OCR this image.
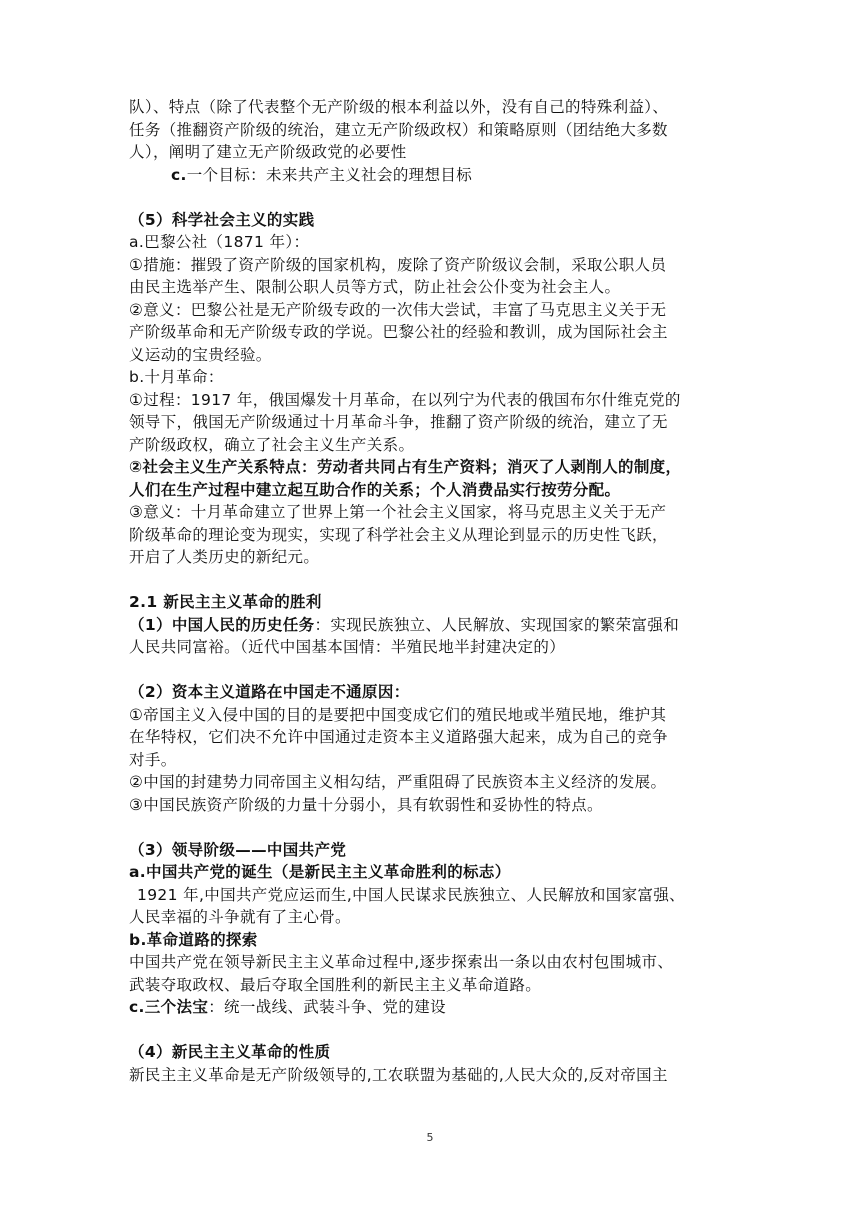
队）、特点（除了代表整个无产阶级的根本利益以外，没有自己的特殊利益）、
任务（推翻资产阶级的统治，建立无产阶级政权）和策略原则（团结绝大多数
人），阐明了建立无产阶级政党的必要性
c.一个目标：未来共产主义社会的理想目标
（5）科学社会主义的实践
a.巴黎公社（1871 年）：
①措施：摧毁了资产阶级的国家机构，废除了资产阶级议会制，采取公职人员
由民主选举产生、限制公职人员等方式，防止社会公仆变为社会主人。
②意义：巴黎公社是无产阶级专政的一次伟大尝试，丰富了马克思主义关于无
产阶级革命和无产阶级专政的学说。巴黎公社的经验和教训，成为国际社会主
义运动的宝贵经验。
b.十月革命：
①过程：1917 年，俄国爆发十月革命，在以列宁为代表的俄国布尔什维克党的
领导下，俄国无产阶级通过十月革命斗争，推翻了资产阶级的统治，建立了无
产阶级政权，确立了社会主义生产关系。
②社会主义生产关系特点：劳动者共同占有生产资料；消灭了人剥削人的制度，
人们在生产过程中建立起互助合作的关系；个人消费品实行按劳分配。
③意义：十月革命建立了世界上第一个社会主义国家，将马克思主义关于无产
阶级革命的理论变为现实，实现了科学社会主义从理论到显示的历史性飞跃，
开启了人类历史的新纪元。
2.1 新民主主义革命的胜利
（1）中国人民的历史任务：实现民族独立、人民解放、实现国家的繁荣富强和
人民共同富裕。（近代中国基本国情：半殖民地半封建决定的）
（2）资本主义道路在中国走不通原因：
①帝国主义入侵中国的目的是要把中国变成它们的殖民地或半殖民地，维护其
在华特权，它们决不允许中国通过走资本主义道路强大起来，成为自己的竞争
对手。
②中国的封建势力同帝国主义相勾结，严重阻碍了民族资本主义经济的发展。
③中国民族资产阶级的力量十分弱小，具有软弱性和妥协性的特点。
（3）领导阶级——中国共产党
a.中国共产党的诞生（是新民主主义革命胜利的标志）
1921 年,中国共产党应运而生,中国人民谋求民族独立、人民解放和国家富强、
人民幸福的斗争就有了主心骨。
b.革命道路的探索
中国共产党在领导新民主主义革命过程中,逐步探索出一条以由农村包围城市、
武装夺取政权、最后夺取全国胜利的新民主主义革命道路。
c.三个法宝：统一战线、武装斗争、党的建设
（4）新民主主义革命的性质
新民主主义革命是无产阶级领导的,工农联盟为基础的,人民大众的,反对帝国主
5
